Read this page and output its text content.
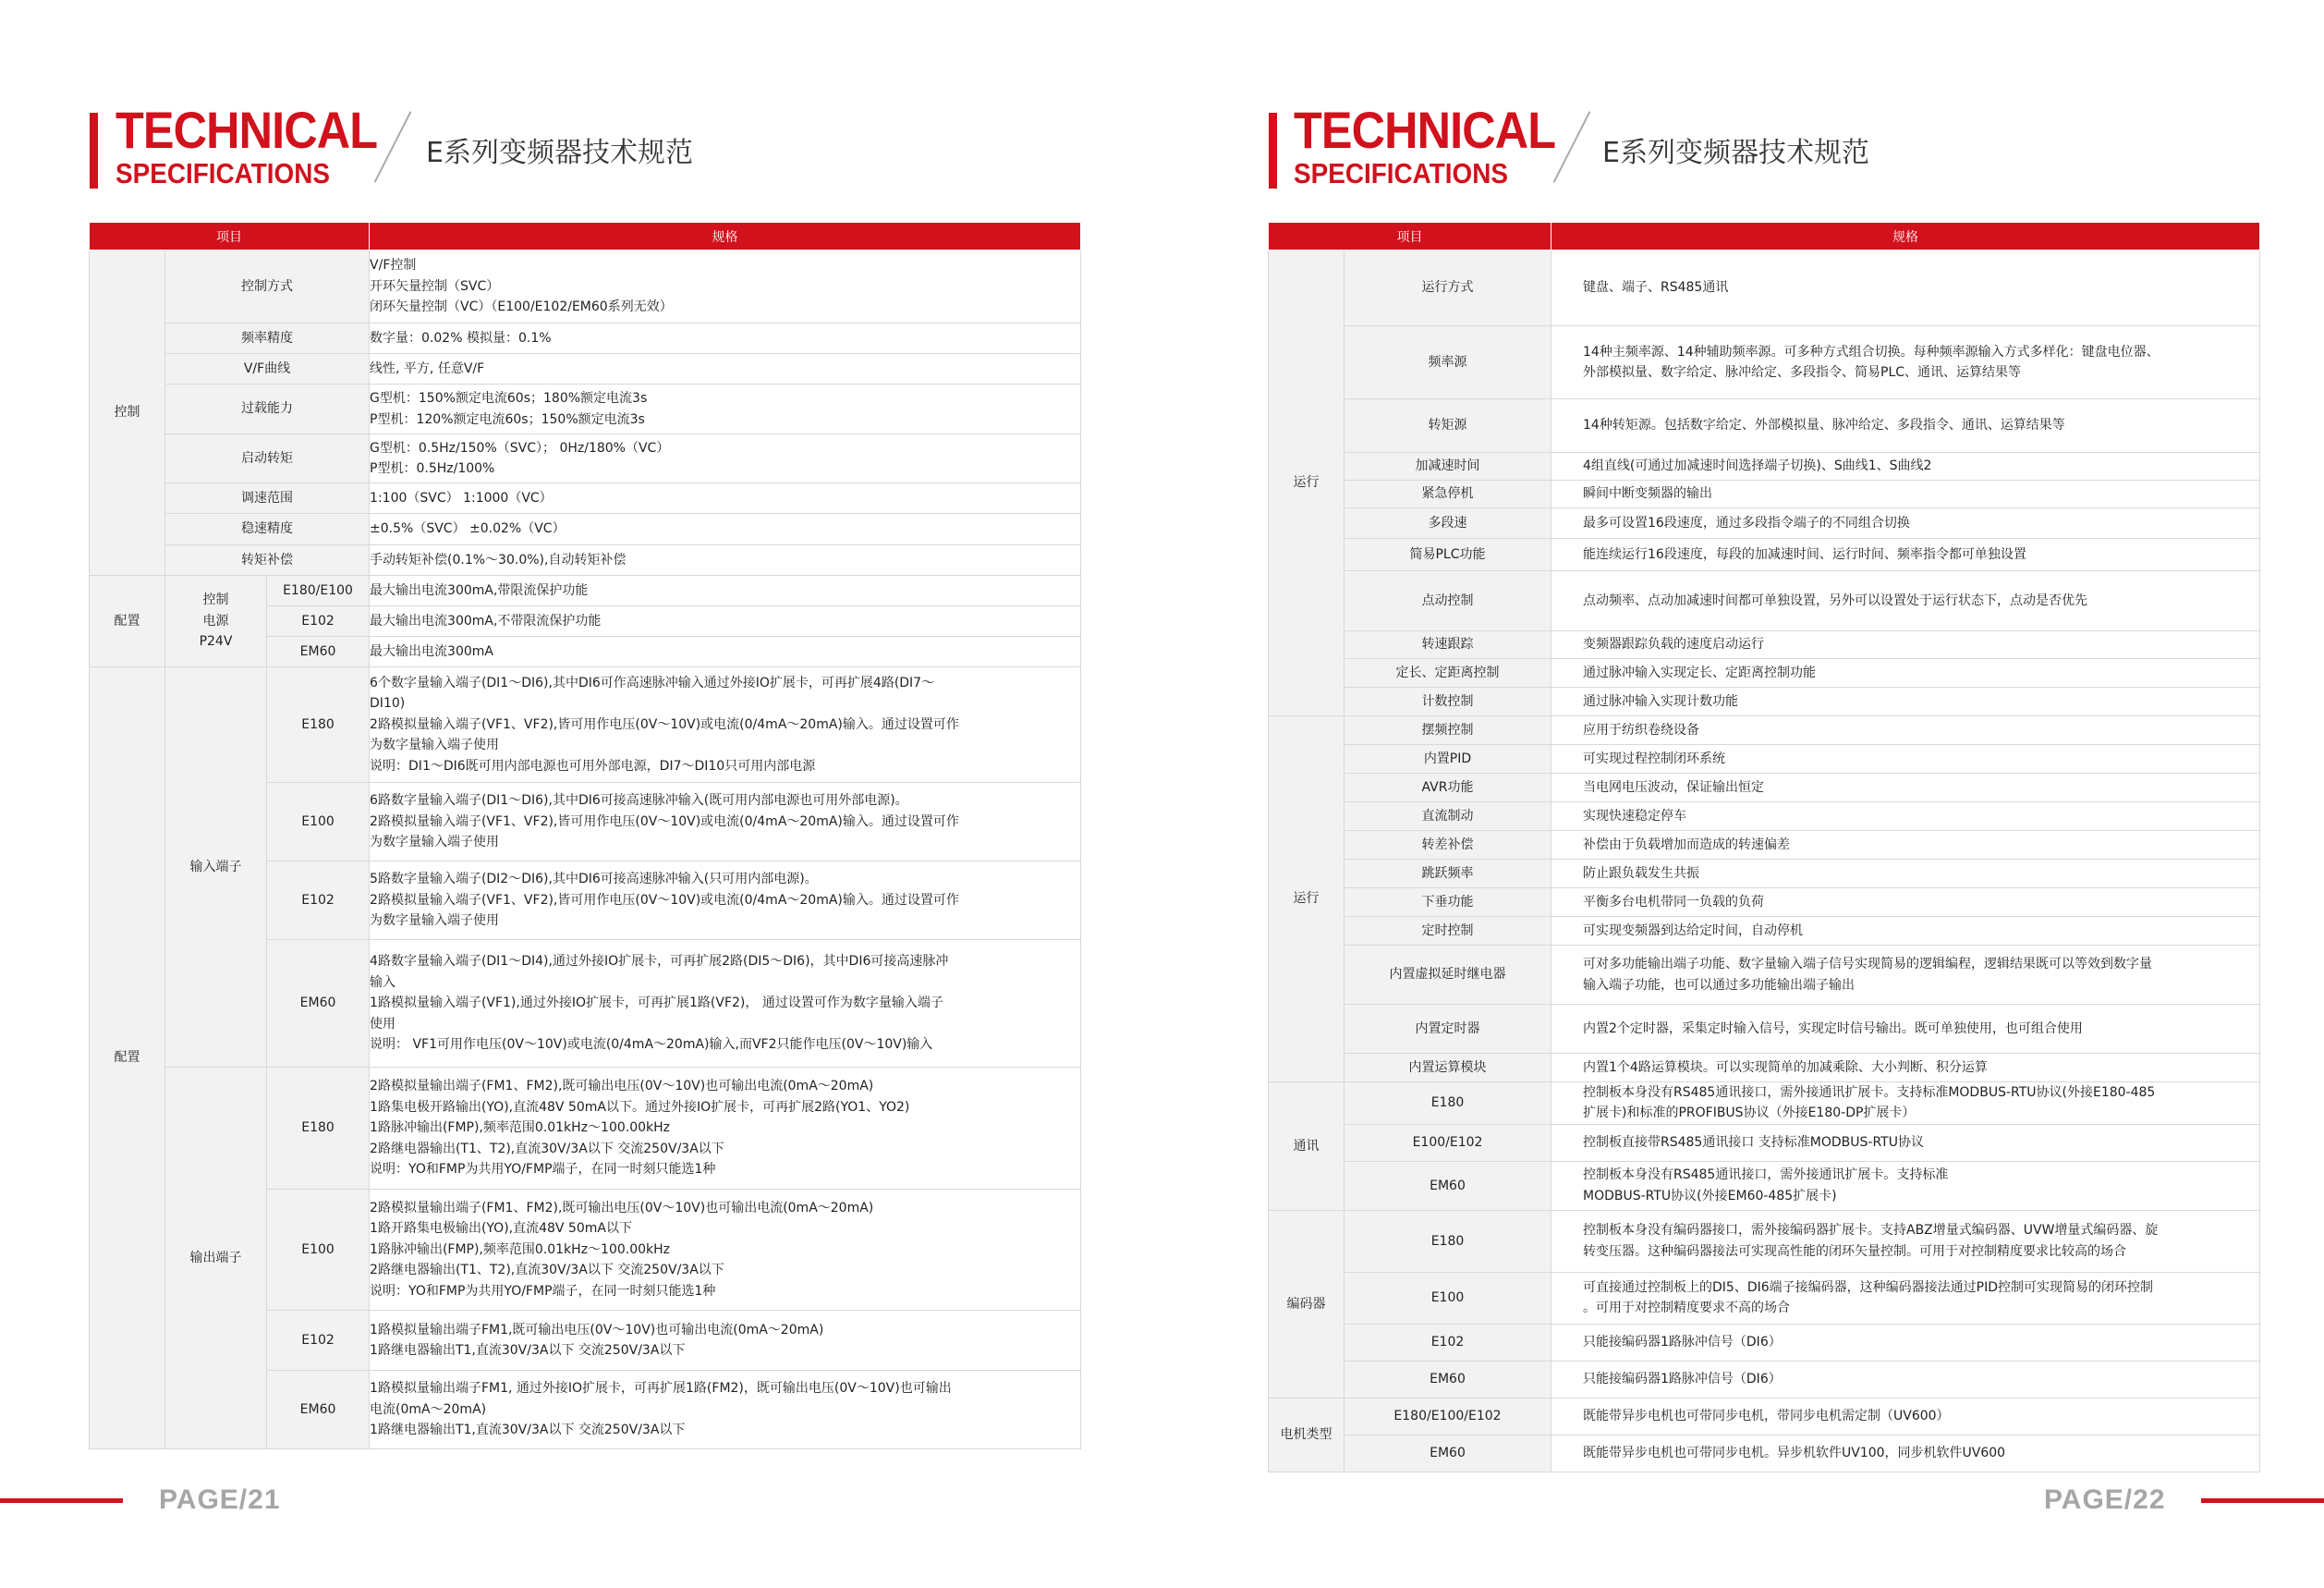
TECHNICAL
SPECIFICATIONS
E系列变频器技术规范
项目			规格
控制	控制方式		V/F控制
开环矢量控制（SVC）
闭环矢量控制（VC）（E100/E102/EM60系列无效）
	频率精度		数字量：0.02% 模拟量：0.1%
	V/F曲线		线性, 平方, 任意V/F
	过载能力		G型机：150%额定电流60s；180%额定电流3s
P型机：120%额定电流60s；150%额定电流3s
	启动转矩		G型机：0.5Hz/150%（SVC）； 0Hz/180%（VC）
P型机：0.5Hz/100%
	调速范围		1:100（SVC） 1:1000（VC）
	稳速精度		±0.5%（SVC） ±0.02%（VC）
	转矩补偿		手动转矩补偿(0.1%～30.0%),自动转矩补偿
配置	控制
电源
P24V	E180/E100	最大输出电流300mA,带限流保护功能
		E102	最大输出电流300mA,不带限流保护功能
		EM60	最大输出电流300mA
配置	输入端子	E180	6个数字量输入端子(DI1～DI6),其中DI6可作高速脉冲输入通过外接IO扩展卡，可再扩展4路(DI7～
DI10)
2路模拟量输入端子(VF1、VF2),皆可用作电压(0V～10V)或电流(0/4mA～20mA)输入。通过设置可作
为数字量输入端子使用
说明：DI1～DI6既可用内部电源也可用外部电源，DI7～DI10只可用内部电源
		E100	6路数字量输入端子(DI1～DI6),其中DI6可接高速脉冲输入(既可用内部电源也可用外部电源)。
2路模拟量输入端子(VF1、VF2),皆可用作电压(0V～10V)或电流(0/4mA～20mA)输入。通过设置可作
为数字量输入端子使用
		E102	5路数字量输入端子(DI2～DI6),其中DI6可接高速脉冲输入(只可用内部电源)。
2路模拟量输入端子(VF1、VF2),皆可用作电压(0V～10V)或电流(0/4mA～20mA)输入。通过设置可作
为数字量输入端子使用
		EM60	4路数字量输入端子(DI1～DI4),通过外接IO扩展卡，可再扩展2路(DI5～DI6)，其中DI6可接高速脉冲
输入
1路模拟量输入端子(VF1),通过外接IO扩展卡，可再扩展1路(VF2)， 通过设置可作为数字量输入端子
使用
说明： VF1可用作电压(0V～10V)或电流(0/4mA～20mA)输入,而VF2只能作电压(0V～10V)输入
	输出端子	E180	2路模拟量输出端子(FM1、FM2),既可输出电压(0V～10V)也可输出电流(0mA～20mA)
1路集电极开路输出(YO),直流48V 50mA以下。通过外接IO扩展卡，可再扩展2路(YO1、YO2)
1路脉冲输出(FMP),频率范围0.01kHz～100.00kHz
2路继电器输出(T1、T2),直流30V/3A以下 交流250V/3A以下
说明：YO和FMP为共用YO/FMP端子，在同一时刻只能选1种
		E100	2路模拟量输出端子(FM1、FM2),既可输出电压(0V～10V)也可输出电流(0mA～20mA)
1路开路集电极输出(YO),直流48V 50mA以下
1路脉冲输出(FMP),频率范围0.01kHz～100.00kHz
2路继电器输出(T1、T2),直流30V/3A以下 交流250V/3A以下
说明：YO和FMP为共用YO/FMP端子，在同一时刻只能选1种
		E102	1路模拟量输出端子FM1,既可输出电压(0V～10V)也可输出电流(0mA～20mA)
1路继电器输出T1,直流30V/3A以下 交流250V/3A以下
		EM60	1路模拟量输出端子FM1, 通过外接IO扩展卡，可再扩展1路(FM2)，既可输出电压(0V～10V)也可输出
电流(0mA～20mA)
1路继电器输出T1,直流30V/3A以下 交流250V/3A以下
PAGE/21
TECHNICAL
SPECIFICATIONS
E系列变频器技术规范
项目		规格
运行	运行方式	键盘、端子、RS485通讯
	频率源	14种主频率源、14种辅助频率源。可多种方式组合切换。每种频率源输入方式多样化：键盘电位器、
外部模拟量、数字给定、脉冲给定、多段指令、简易PLC、通讯、运算结果等
	转矩源	14种转矩源。包括数字给定、外部模拟量、脉冲给定、多段指令、通讯、运算结果等
	加减速时间	4组直线(可通过加减速时间选择端子切换)、S曲线1、S曲线2
	紧急停机	瞬间中断变频器的输出
	多段速	最多可设置16段速度，通过多段指令端子的不同组合切换
	简易PLC功能	能连续运行16段速度，每段的加减速时间、运行时间、频率指令都可单独设置
	点动控制	点动频率、点动加减速时间都可单独设置，另外可以设置处于运行状态下，点动是否优先
	转速跟踪	变频器跟踪负载的速度启动运行
	定长、定距离控制	通过脉冲输入实现定长、定距离控制功能
	计数控制	通过脉冲输入实现计数功能
运行	摆频控制	应用于纺织卷绕设备
	内置PID	可实现过程控制闭环系统
	AVR功能	当电网电压波动，保证输出恒定
	直流制动	实现快速稳定停车
	转差补偿	补偿由于负载增加而造成的转速偏差
	跳跃频率	防止跟负载发生共振
	下垂功能	平衡多台电机带同一负载的负荷
	定时控制	可实现变频器到达给定时间，自动停机
	内置虚拟延时继电器	可对多功能输出端子功能、数字量输入端子信号实现简易的逻辑编程，逻辑结果既可以等效到数字量
输入端子功能，也可以通过多功能输出端子输出
	内置定时器	内置2个定时器，采集定时输入信号，实现定时信号输出。既可单独使用，也可组合使用
	内置运算模块	内置1个4路运算模块。可以实现简单的加减乘除、大小判断、积分运算
通讯	E180	控制板本身没有RS485通讯接口，需外接通讯扩展卡。支持标准MODBUS-RTU协议(外接E180-485
扩展卡)和标准的PROFIBUS协议（外接E180-DP扩展卡）
	E100/E102	控制板直接带RS485通讯接口 支持标准MODBUS-RTU协议
	EM60	控制板本身没有RS485通讯接口，需外接通讯扩展卡。支持标准
MODBUS-RTU协议(外接EM60-485扩展卡)
编码器	E180	控制板本身没有编码器接口，需外接编码器扩展卡。支持ABZ增量式编码器、UVW增量式编码器、旋
转变压器。这种编码器接法可实现高性能的闭环矢量控制。可用于对控制精度要求比较高的场合
	E100	可直接通过控制板上的DI5、DI6端子接编码器，这种编码器接法通过PID控制可实现简易的闭环控制
。可用于对控制精度要求不高的场合
	E102	只能接编码器1路脉冲信号（DI6）
	EM60	只能接编码器1路脉冲信号（DI6）
电机类型	E180/E100/E102	既能带异步电机也可带同步电机，带同步电机需定制（UV600）
	EM60	既能带异步电机也可带同步电机。异步机软件UV100，同步机软件UV600
PAGE/22
